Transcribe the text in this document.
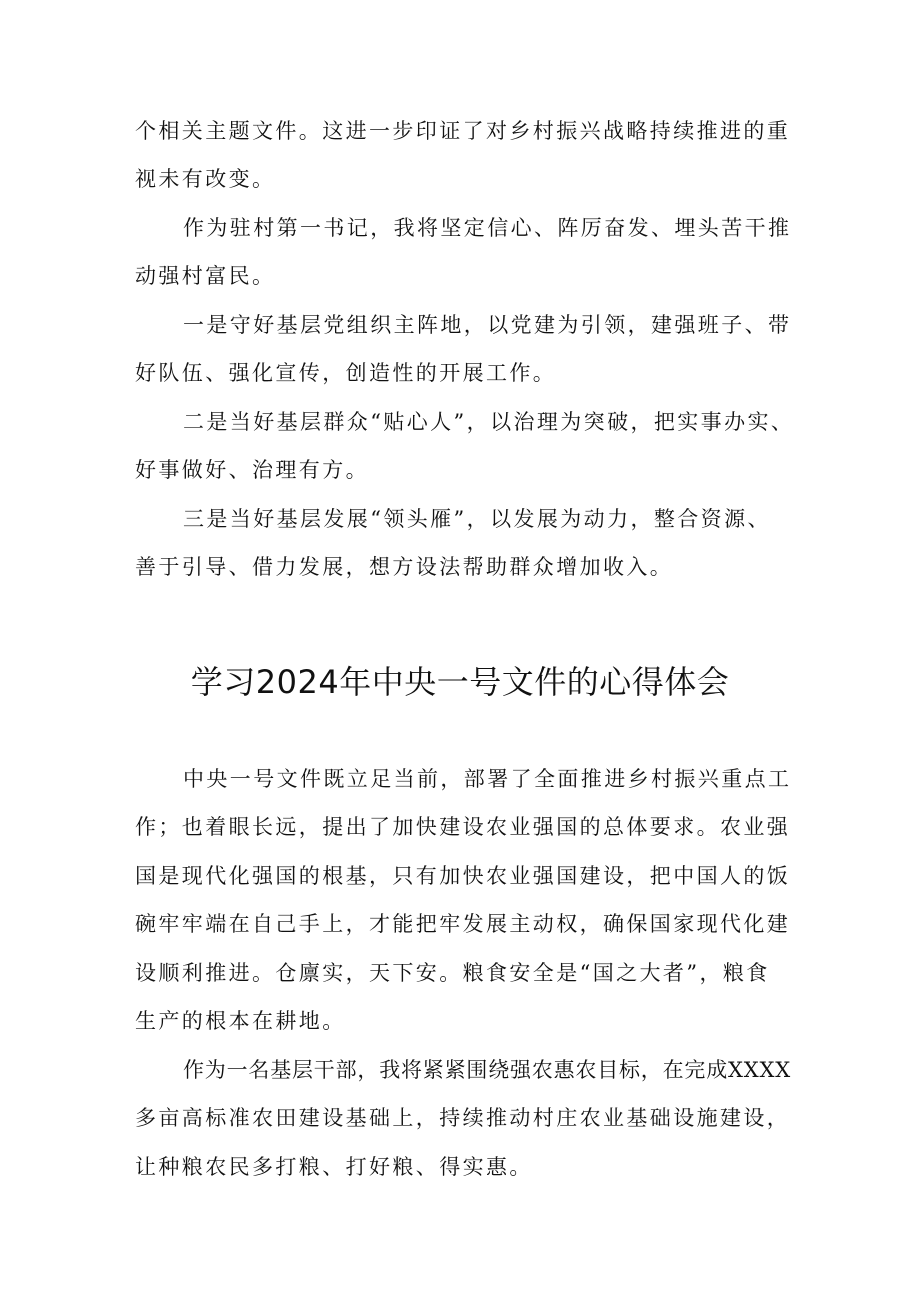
个相关主题文件。这进一步印证了对乡村振兴战略持续推进的重
视未有改变。
作为驻村第一书记，我将坚定信心、阵厉奋发、埋头苦干推
动强村富民。
一是守好基层党组织主阵地，以党建为引领，建强班子、带
好队伍、强化宣传，创造性的开展工作。
二是当好基层群众“贴心人”，以治理为突破，把实事办实、
好事做好、治理有方。
三是当好基层发展“领头雁”，以发展为动力，整合资源、
善于引导、借力发展，想方设法帮助群众增加收入。
学习2024年中央一号文件的心得体会
中央一号文件既立足当前，部署了全面推进乡村振兴重点工
作；也着眼长远，提出了加快建设农业强国的总体要求。农业强
国是现代化强国的根基，只有加快农业强国建设，把中国人的饭
碗牢牢端在自己手上，才能把牢发展主动权，确保国家现代化建
设顺利推进。仓廪实，天下安。粮食安全是“国之大者”，粮食
生产的根本在耕地。
作为一名基层干部，我将紧紧围绕强农惠农目标，在完成XXXX
多亩高标准农田建设基础上，持续推动村庄农业基础设施建设，
让种粮农民多打粮、打好粮、得实惠。
